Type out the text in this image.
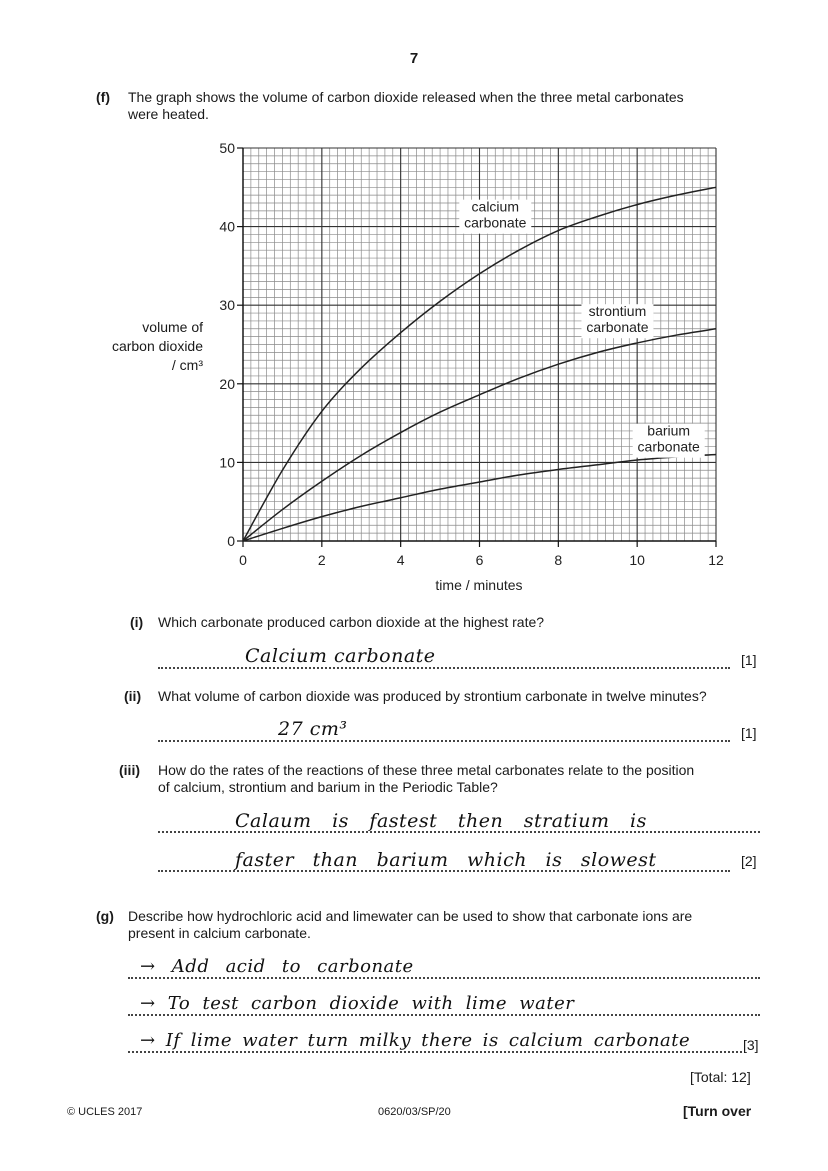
7
(f) The graph shows the volume of carbon dioxide released when the three metal carbonates
were heated.
volume of
carbon dioxide
/ cm³
0	2	4	6	8	10	12
0
10
20
30
40
50
calcium
carbonate
strontium
carbonate
barium
carbonate
time / minutes
(i) Which carbonate produced carbon dioxide at the highest rate?
Calcium carbonate	[1]
(ii) What volume of carbon dioxide was produced by strontium carbonate in twelve minutes?
27 cm³	[1]
(iii) How do the rates of the reactions of these three metal carbonates relate to the position
of calcium, strontium and barium in the Periodic Table?
Calaum is fastest then stratium is
faster than barium which is slowest	[2]
(g) Describe how hydrochloric acid and limewater can be used to show that carbonate ions are
present in calcium carbonate.
→ Add acid to carbonate
→ To test carbon dioxide with lime water
→ If lime water turn milky there is calcium carbonate	[3]
[Total: 12]
© UCLES 2017	0620/03/SP/20	[Turn over
